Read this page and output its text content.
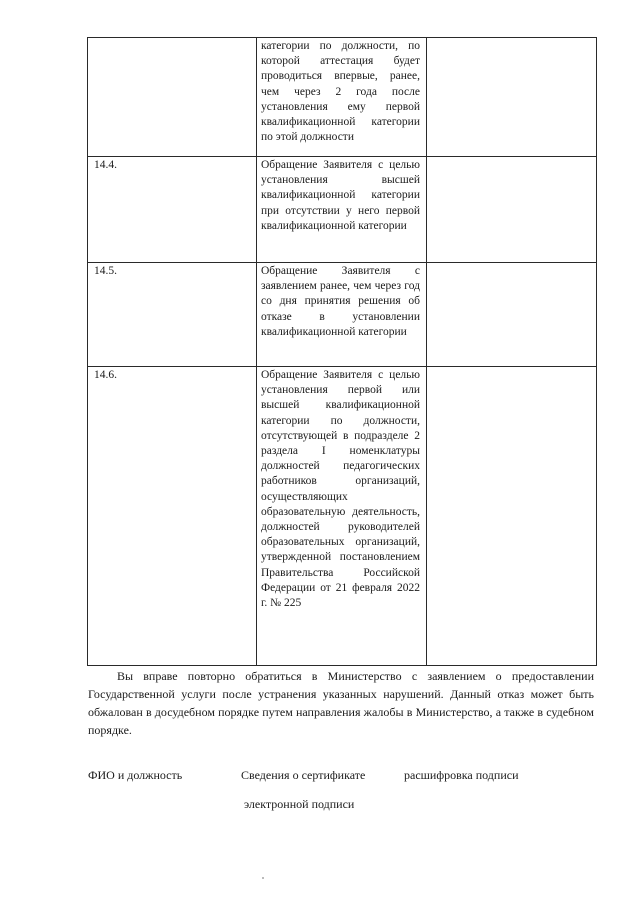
категории по должности, по которой аттестация будет проводиться впервые, ранее, чем через 2 года после установления ему первой квалификационной категории по этой должности
14.4.	Обращение Заявителя с целью установления высшей квалификационной категории при отсутствии у него первой квалификационной категории
14.5.	Обращение Заявителя с заявлением ранее, чем через год со дня принятия решения об отказе в установлении квалификационной категории
14.6.	Обращение Заявителя с целью установления первой или высшей квалификационной категории по должности, отсутствующей в подразделе 2 раздела I номенклатуры должностей педагогических работников организаций, осуществляющих образовательную деятельность, должностей руководителей образовательных организаций, утвержденной постановлением Правительства Российской Федерации от 21 февраля 2022 г. № 225

Вы вправе повторно обратиться в Министерство с заявлением о предоставлении Государственной услуги после устранения указанных нарушений. Данный отказ может быть обжалован в досудебном порядке путем направления жалобы в Министерство, а также в судебном порядке.

ФИО и должность	Сведения о сертификате	расшифровка подписи
электронной подписи
